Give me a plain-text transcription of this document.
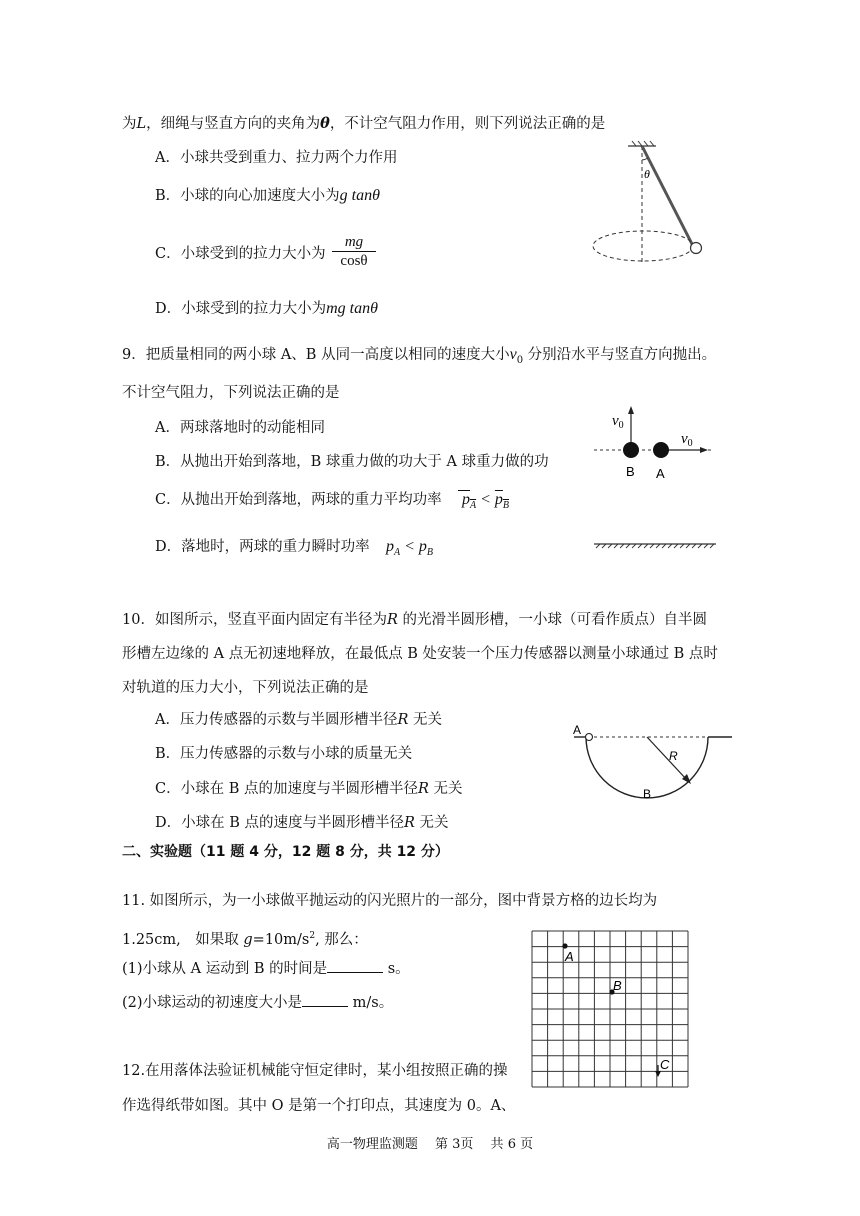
为L，细绳与竖直方向的夹角为θ，不计空气阻力作用，则下列说法正确的是
A．小球共受到重力、拉力两个力作用
B．小球的向心加速度大小为g tanθ
C．小球受到的拉力大小为 $\frac{mg}{\cos\theta}$
D．小球受到的拉力大小为mg tanθ
θ
9．把质量相同的两小球 A、B 从同一高度以相同的速度大小$v_0$ 分别沿水平与竖直方向抛出。
不计空气阻力，下列说法正确的是
A．两球落地时的动能相同
B．从抛出开始到落地，B 球重力做的功大于 A 球重力做的功
C．从抛出开始到落地，两球的重力平均功率 $p_A < p_B$
D．落地时，两球的重力瞬时功率 $p_A < p_B$
$v_0$
$v_0$
B A
10．如图所示，竖直平面内固定有半径为R 的光滑半圆形槽，一小球（可看作质点）自半圆
形槽左边缘的 A 点无初速地释放，在最低点 B 处安装一个压力传感器以测量小球通过 B 点时
对轨道的压力大小，下列说法正确的是
A．压力传感器的示数与半圆形槽半径R 无关
B．压力传感器的示数与小球的质量无关
C．小球在 B 点的加速度与半圆形槽半径R 无关
D．小球在 B 点的速度与半圆形槽半径R 无关
A
R
B
二、实验题（11 题 4 分，12 题 8 分，共 12 分）
11. 如图所示，为一小球做平抛运动的闪光照片的一部分，图中背景方格的边长均为
1.25cm,　如果取 $g=10m/s^2$, 那么：
(1)小球从 A 运动到 B 的时间是	s。
(2)小球运动的初速度大小是	m/s。
A
B
C
12.在用落体法验证机械能守恒定律时，某小组按照正确的操
作选得纸带如图。其中 O 是第一个打印点，其速度为 0。A、
高一物理监测题　 第 3页　 共 6 页
